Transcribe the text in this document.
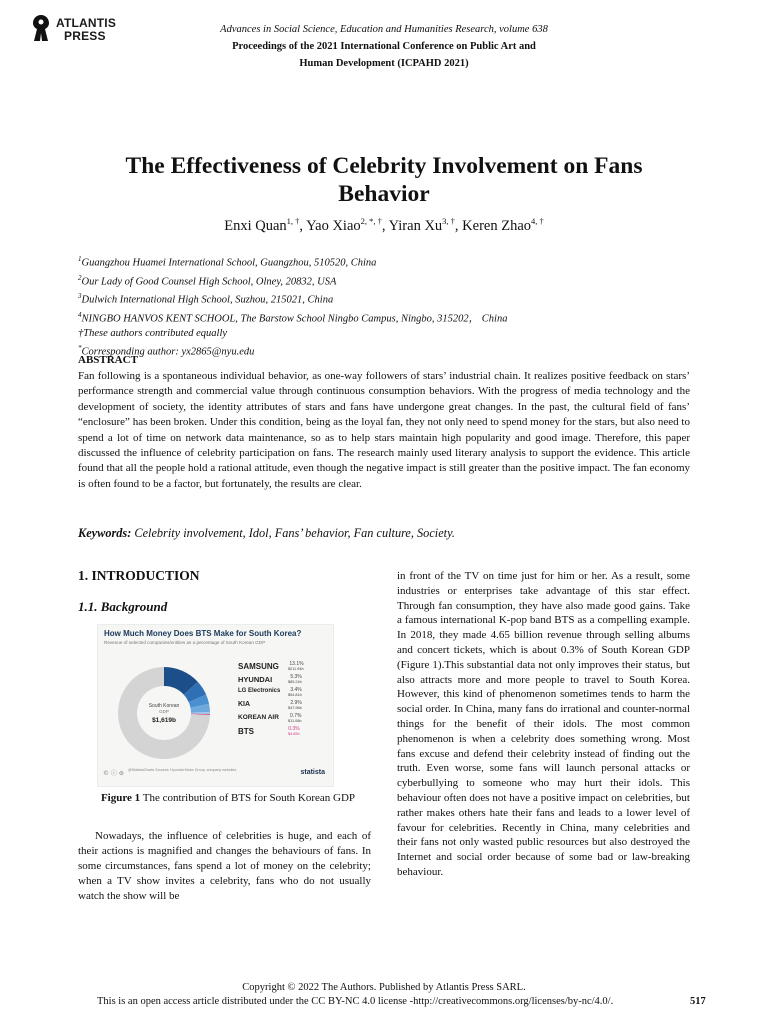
ATLANTIS
PRESS	Advances in Social Science, Education and Humanities Research, volume 638
Proceedings of the 2021 International Conference on Public Art and
Human Development (ICPAHD 2021)
The Effectiveness of Celebrity Involvement on Fans
Behavior
Enxi Quan$^{1, \dagger}$, Yao Xiao$^{2, *, \dagger}$, Yiran $Xu^{3, \dagger}$, Keren Zhao$^{4, \dagger}$
$^1$Guangzhou Huamei International School, Guangzhou, 510520, China
$^2$Our Lady of Good Counsel High School, Olney, 20832, USA
$^3$Dulwich International High School, Suzhou, 215021, China
$^4$NINGBO HANVOS KENT SCHOOL, The Barstow School Ningbo Campus, Ningbo, 315202， China
†These authors contributed equally
*Corresponding author: yx2865@nyu.edu
ABSTRACT
Fan following is a spontaneous individual behavior, as one-way followers of stars’ industrial chain. It realizes positive feedback on stars’ performance strength and commercial value through continuous consumption behaviors. With the progress of media technology and the development of society, the identity attributes of stars and fans have undergone great changes. In the past, the cultural field of fans’ “enclosure” has been broken. Under this condition, being as the loyal fan, they not only need to spend money for the stars, but also need to spend a lot of time on network data maintenance, so as to help stars maintain high popularity and good image. Therefore, this paper discussed the influence of celebrity participation on fans. The research mainly used literary analysis to support the evidence. This article found that all the people hold a rational attitude, even though the negative impact is still greater than the positive impact. The fan economy is often found to be a factor, but fortunately, the results are clear.
Keywords: Celebrity involvement, Idol, Fans’ behavior, Fan culture, Society.
1. INTRODUCTION
1.1. Background
How Much Money Does BTS Make for South Korea?
Revenue of selected companies/entities as a percentage of South Korean GDP
South Korean
GDP
$1,619b
SAMSUNG 13.1%
$211.94b
HYUNDAI	5.3%
$85.24b
LG Electronics	3.4%
$54.81b
KIA	2.9%
$47.96b
KOREAN AIR	0.7%
$11.06b
BTS	0.3%
$4.65b
© ⓘ ⊜ @StatistaCharts Sources: Hyundai Motor Group, company websites	statista
Figure 1 The contribution of BTS for South Korean GDP

Nowadays, the influence of celebrities is huge, and each of their actions is magnified and changes the behaviours of fans. In some circumstances, fans spend a lot of money on the celebrity; when a TV show invites a celebrity, fans who do not usually watch the show will be

in front of the TV on time just for him or her. As a result, some industries or enterprises take advantage of this star effect. Through fan consumption, they have also made good gains. Take a famous international K-pop band BTS as a compelling example. In 2018, they made 4.65 billion revenue through selling albums and concert tickets, which is about 0.3% of South Korean GDP (Figure 1).This substantial data not only improves their status, but also attracts more and more people to travel to South Korea. However, this kind of phenomenon sometimes tends to harm the social order. In China, many fans do irrational and counter-normal things for the benefit of their idols. The most common phenomenon is when a celebrity does something wrong. Most fans excuse and defend their celebrity instead of finding out the truth. Even worse, some fans will launch personal attacks or cyberbullying to someone who may hurt their idols. This behaviour often does not have a positive impact on celebrities, but rather makes others hate their fans and leads to a lower level of favour for celebrities. Recently in China, many celebrities and their fans not only wasted public resources but also destroyed the Internet and social order because of some bad or law-breaking behaviour.
Copyright © 2022 The Authors. Published by Atlantis Press SARL.
This is an open access article distributed under the CC BY-NC 4.0 license -http://creativecommons.org/licenses/by-nc/4.0/.	517
